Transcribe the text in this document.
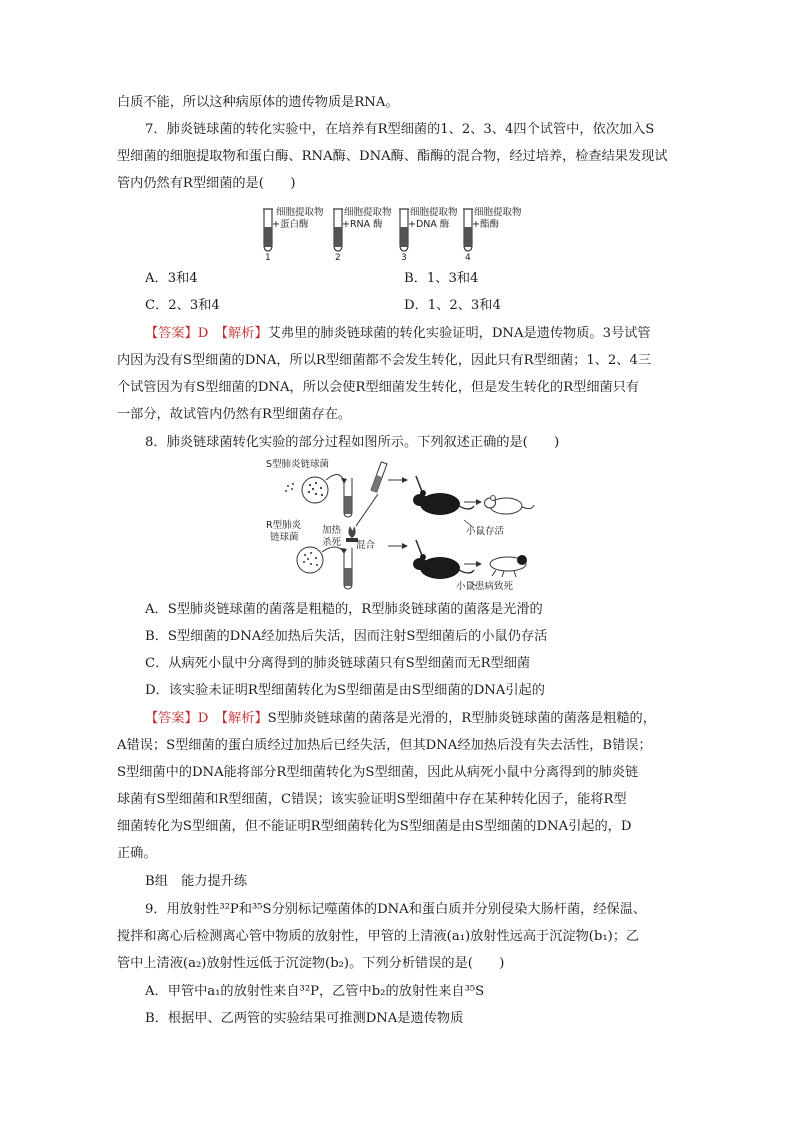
白质不能，所以这种病原体的遗传物质是RNA。
7．肺炎链球菌的转化实验中，在培养有R型细菌的1、2、3、4四个试管中，依次加入S
型细菌的细胞提取物和蛋白酶、RNA酶、DNA酶、酯酶的混合物，经过培养，检查结果发现试
管内仍然有R型细菌的是(　　)
细胞提取物
+蛋白酶
1
细胞提取物
+RNA 酶
2
细胞提取物
+DNA 酶
3
细胞提取物
+酯酶
4
A．3和4	B．1、3和4
C．2、3和4	D．1、2、3和4
【答案】D　【解析】艾弗里的肺炎链球菌的转化实验证明，DNA是遗传物质。3号试管
内因为没有S型细菌的DNA，所以R型细菌都不会发生转化，因此只有R型细菌；1、2、4三
个试管因为有S型细菌的DNA，所以会使R型细菌发生转化，但是发生转化的R型细菌只有
一部分，故试管内仍然有R型细菌存在。
8．肺炎链球菌转化实验的部分过程如图所示。下列叙述正确的是(　　)
S型肺炎链球菌
加热
杀死
R型肺炎
链球菌
混合
小鼠存活
小鼠患病致死
A．S型肺炎链球菌的菌落是粗糙的，R型肺炎链球菌的菌落是光滑的
B．S型细菌的DNA经加热后失活，因而注射S型细菌后的小鼠仍存活
C．从病死小鼠中分离得到的肺炎链球菌只有S型细菌而无R型细菌
D．该实验未证明R型细菌转化为S型细菌是由S型细菌的DNA引起的
【答案】D　【解析】S型肺炎链球菌的菌落是光滑的，R型肺炎链球菌的菌落是粗糙的，
A错误；S型细菌的蛋白质经过加热后已经失活，但其DNA经加热后没有失去活性，B错误；
S型细菌中的DNA能将部分R型细菌转化为S型细菌，因此从病死小鼠中分离得到的肺炎链
球菌有S型细菌和R型细菌，C错误；该实验证明S型细菌中存在某种转化因子，能将R型
细菌转化为S型细菌，但不能证明R型细菌转化为S型细菌是由S型细菌的DNA引起的，D
正确。
B组　能力提升练
9．用放射性³²P和³⁵S分别标记噬菌体的DNA和蛋白质并分别侵染大肠杆菌，经保温、
搅拌和离心后检测离心管中物质的放射性，甲管的上清液(a₁)放射性远高于沉淀物(b₁)；乙
管中上清液(a₂)放射性远低于沉淀物(b₂)。下列分析错误的是(　　)
A．甲管中a₁的放射性来自³²P，乙管中b₂的放射性来自³⁵S
B．根据甲、乙两管的实验结果可推测DNA是遗传物质
